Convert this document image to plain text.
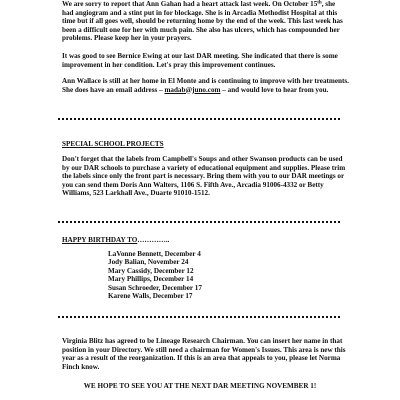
We are sorry to report that Ann Gahan had a heart attack last week. On October 15th, she
had angiogram and a stint put in for blockage. She is in Arcadia Methodist Hospital at this
time but if all goes well, should be returning home by the end of the week. This last week has
been a difficult one for her with much pain. She also has ulcers, which has compounded her
problems. Please keep her in your prayers.
It was good to see Bernice Ewing at our last DAR meeting. She indicated that there is some
improvement in her condition. Let's pray this improvement continues.
Ann Wallace is still at her home in El Monte and is continuing to improve with her treatments.
She does have an email address – madab@juno.com – and would love to hear from you.
SPECIAL SCHOOL PROJECTS
Don't forget that the labels from Campbell's Soups and other Swanson products can be used
by our DAR schools to purchase a variety of educational equipment and supplies. Please trim
the labels since only the front part is necessary. Bring them with you to our DAR meetings or
you can send them Doris Ann Walters, 1106 S. Fifth Ave., Arcadia 91006-4332 or Betty
Williams, 523 Larkhall Ave., Duarte 91010-1512.
HAPPY BIRTHDAY TO…………..
LaVonne Bennett, December 4
Jody Balian, November 24
Mary Cassidy, December 12
Mary Phillips, December 14
Susan Schroeder, December 17
Karene Walls, December 17
Virginia Blitz has agreed to be Lineage Research Chairman. You can insert her name in that
position in your Directory. We still need a chairman for Women's Issues. This area is new this
year as a result of the reorganization. If this is an area that appeals to you, please let Norma
Finch know.
WE HOPE TO SEE YOU AT THE NEXT DAR MEETING NOVEMBER 1!
